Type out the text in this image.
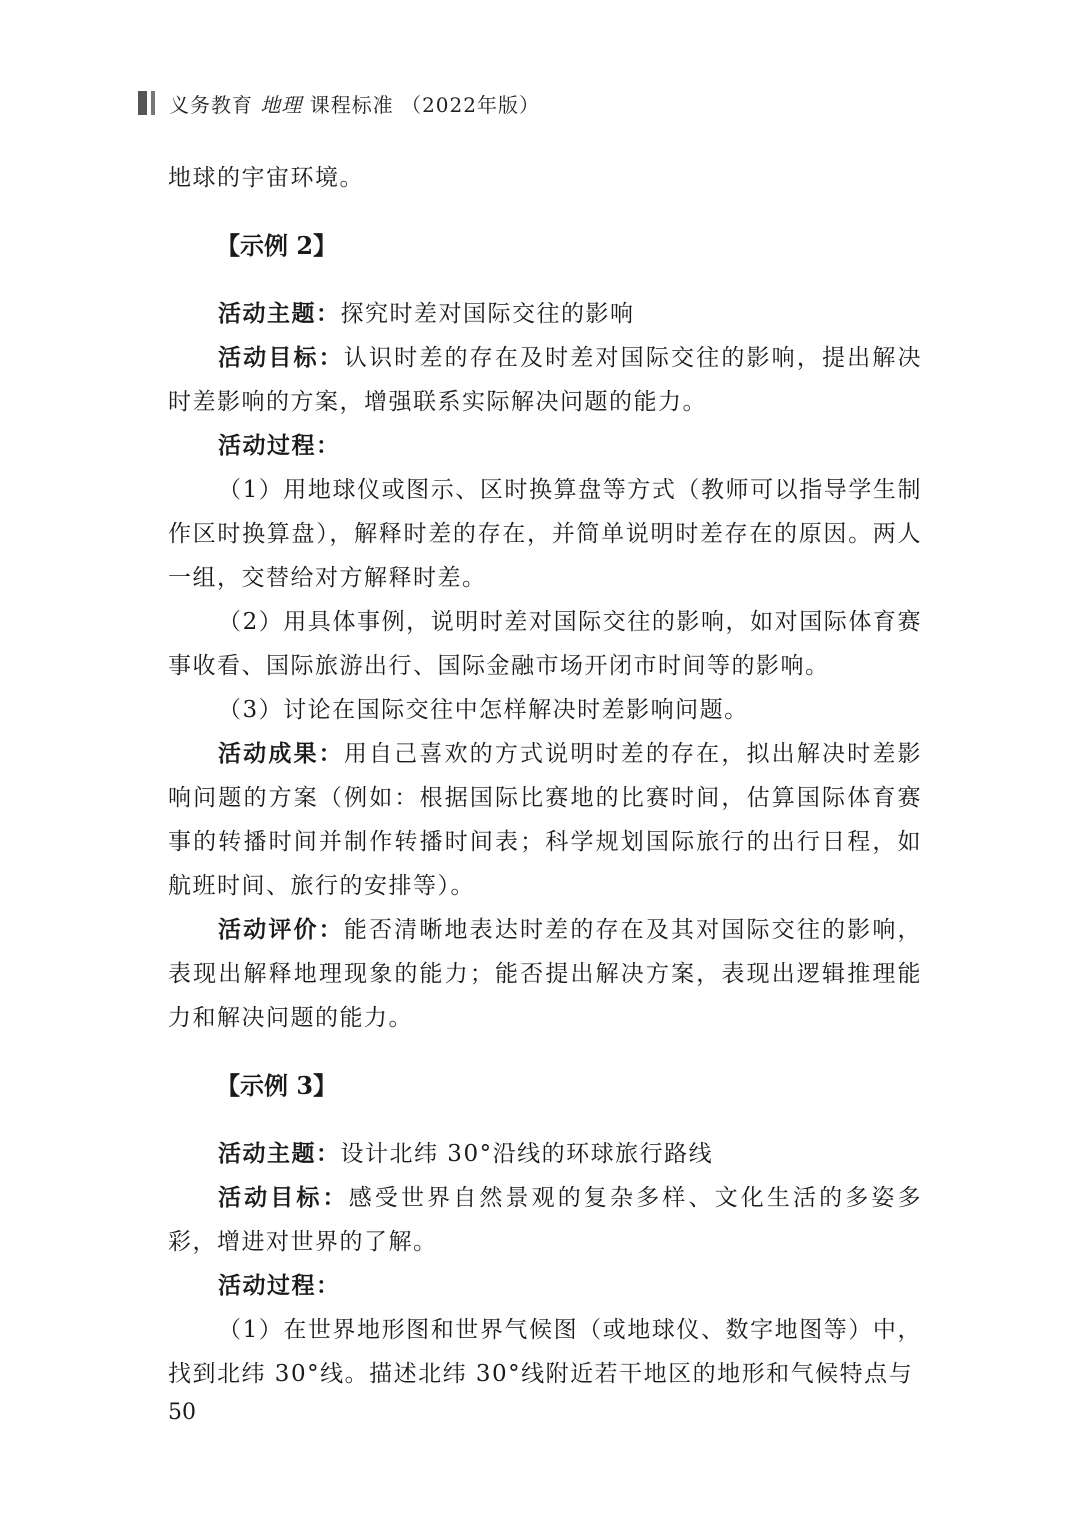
义务教育 地理 课程标准 （2022年版）

地球的宇宙环境。

【示例 2】

活动主题：探究时差对国际交往的影响

活动目标：认识时差的存在及时差对国际交往的影响，提出解决时差影响的方案，增强联系实际解决问题的能力。

活动过程：

（1）用地球仪或图示、区时换算盘等方式（教师可以指导学生制作区时换算盘），解释时差的存在，并简单说明时差存在的原因。两人一组，交替给对方解释时差。

（2）用具体事例，说明时差对国际交往的影响，如对国际体育赛事收看、国际旅游出行、国际金融市场开闭市时间等的影响。

（3）讨论在国际交往中怎样解决时差影响问题。

活动成果：用自己喜欢的方式说明时差的存在，拟出解决时差影响问题的方案（例如：根据国际比赛地的比赛时间，估算国际体育赛事的转播时间并制作转播时间表；科学规划国际旅行的出行日程，如航班时间、旅行的安排等）。

活动评价：能否清晰地表达时差的存在及其对国际交往的影响，表现出解释地理现象的能力；能否提出解决方案，表现出逻辑推理能力和解决问题的能力。

【示例 3】

活动主题：设计北纬 30°沿线的环球旅行路线

活动目标：感受世界自然景观的复杂多样、文化生活的多姿多彩，增进对世界的了解。

活动过程：

（1）在世界地形图和世界气候图（或地球仪、数字地图等）中，找到北纬 30°线。描述北纬 30°线附近若干地区的地形和气候特点与

50
